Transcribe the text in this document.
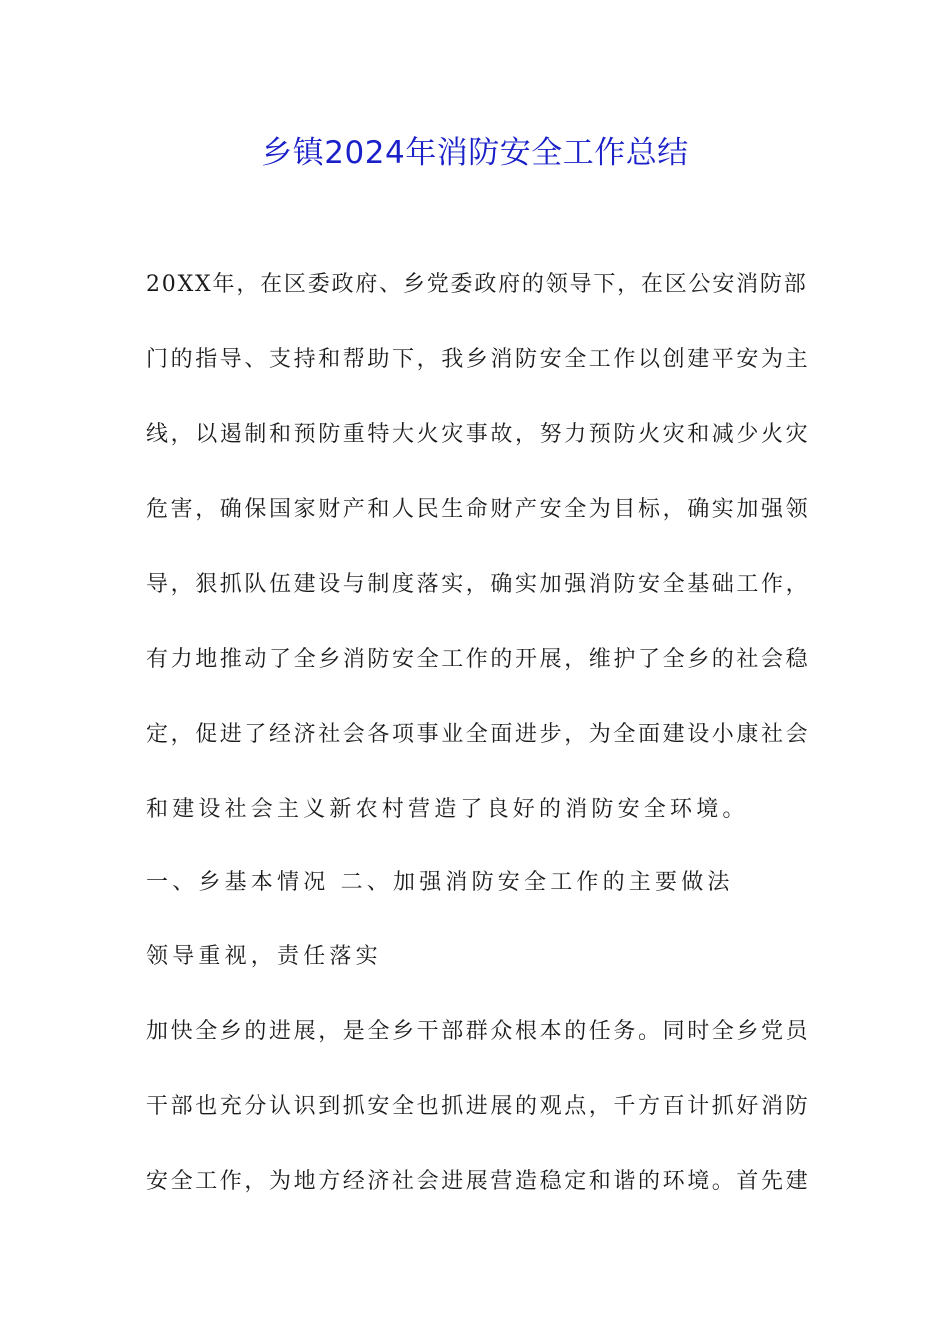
乡镇2024年消防安全工作总结

20XX年，在区委政府、乡党委政府的领导下，在区公安消防部

门的指导、支持和帮助下，我乡消防安全工作以创建平安为主

线，以遏制和预防重特大火灾事故，努力预防火灾和减少火灾

危害，确保国家财产和人民生命财产安全为目标，确实加强领

导，狠抓队伍建设与制度落实，确实加强消防安全基础工作，

有力地推动了全乡消防安全工作的开展，维护了全乡的社会稳

定，促进了经济社会各项事业全面进步，为全面建设小康社会

和建设社会主义新农村营造了良好的消防安全环境。

一、乡基本情况 二、加强消防安全工作的主要做法

领导重视，责任落实

加快全乡的进展，是全乡干部群众根本的任务。同时全乡党员

干部也充分认识到抓安全也抓进展的观点，千方百计抓好消防

安全工作，为地方经济社会进展营造稳定和谐的环境。首先建
